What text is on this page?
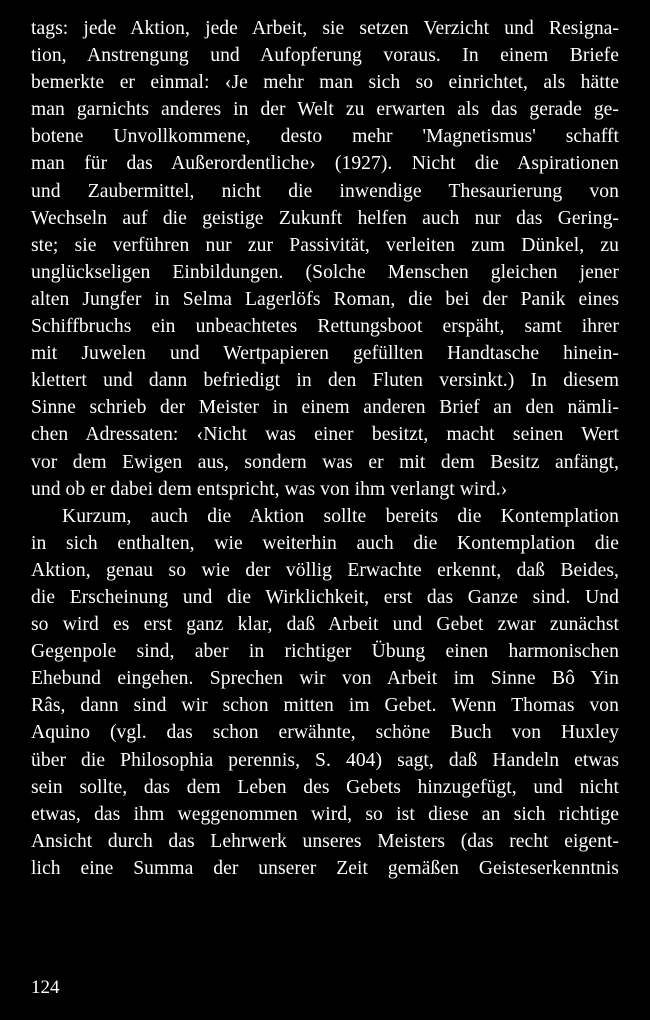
tags: jede Aktion, jede Arbeit, sie setzen Verzicht und Resigna-
tion, Anstrengung und Aufopferung voraus. In einem Briefe
bemerkte er einmal: ‹Je mehr man sich so einrichtet, als hätte
man garnichts anderes in der Welt zu erwarten als das gerade ge-
botene Unvollkommene, desto mehr 'Magnetismus' schafft
man für das Außerordentliche› (1927). Nicht die Aspirationen
und Zaubermittel, nicht die inwendige Thesaurierung von
Wechseln auf die geistige Zukunft helfen auch nur das Gering-
ste; sie verführen nur zur Passivität, verleiten zum Dünkel, zu
unglückseligen Einbildungen. (Solche Menschen gleichen jener
alten Jungfer in Selma Lagerlöfs Roman, die bei der Panik eines
Schiffbruchs ein unbeachtetes Rettungsboot erspäht, samt ihrer
mit Juwelen und Wertpapieren gefüllten Handtasche hinein-
klettert und dann befriedigt in den Fluten versinkt.) In diesem
Sinne schrieb der Meister in einem anderen Brief an den nämli-
chen Adressaten: ‹Nicht was einer besitzt, macht seinen Wert
vor dem Ewigen aus, sondern was er mit dem Besitz anfängt,
und ob er dabei dem entspricht, was von ihm verlangt wird.›
Kurzum, auch die Aktion sollte bereits die Kontemplation
in sich enthalten, wie weiterhin auch die Kontemplation die
Aktion, genau so wie der völlig Erwachte erkennt, daß Beides,
die Erscheinung und die Wirklichkeit, erst das Ganze sind. Und
so wird es erst ganz klar, daß Arbeit und Gebet zwar zunächst
Gegenpole sind, aber in richtiger Übung einen harmonischen
Ehebund eingehen. Sprechen wir von Arbeit im Sinne Bô Yin
Râs, dann sind wir schon mitten im Gebet. Wenn Thomas von
Aquino (vgl. das schon erwähnte, schöne Buch von Huxley
über die Philosophia perennis, S. 404) sagt, daß Handeln etwas
sein sollte, das dem Leben des Gebets hinzugefügt, und nicht
etwas, das ihm weggenommen wird, so ist diese an sich richtige
Ansicht durch das Lehrwerk unseres Meisters (das recht eigent-
lich eine Summa der unserer Zeit gemäßen Geisteserkenntnis
124
